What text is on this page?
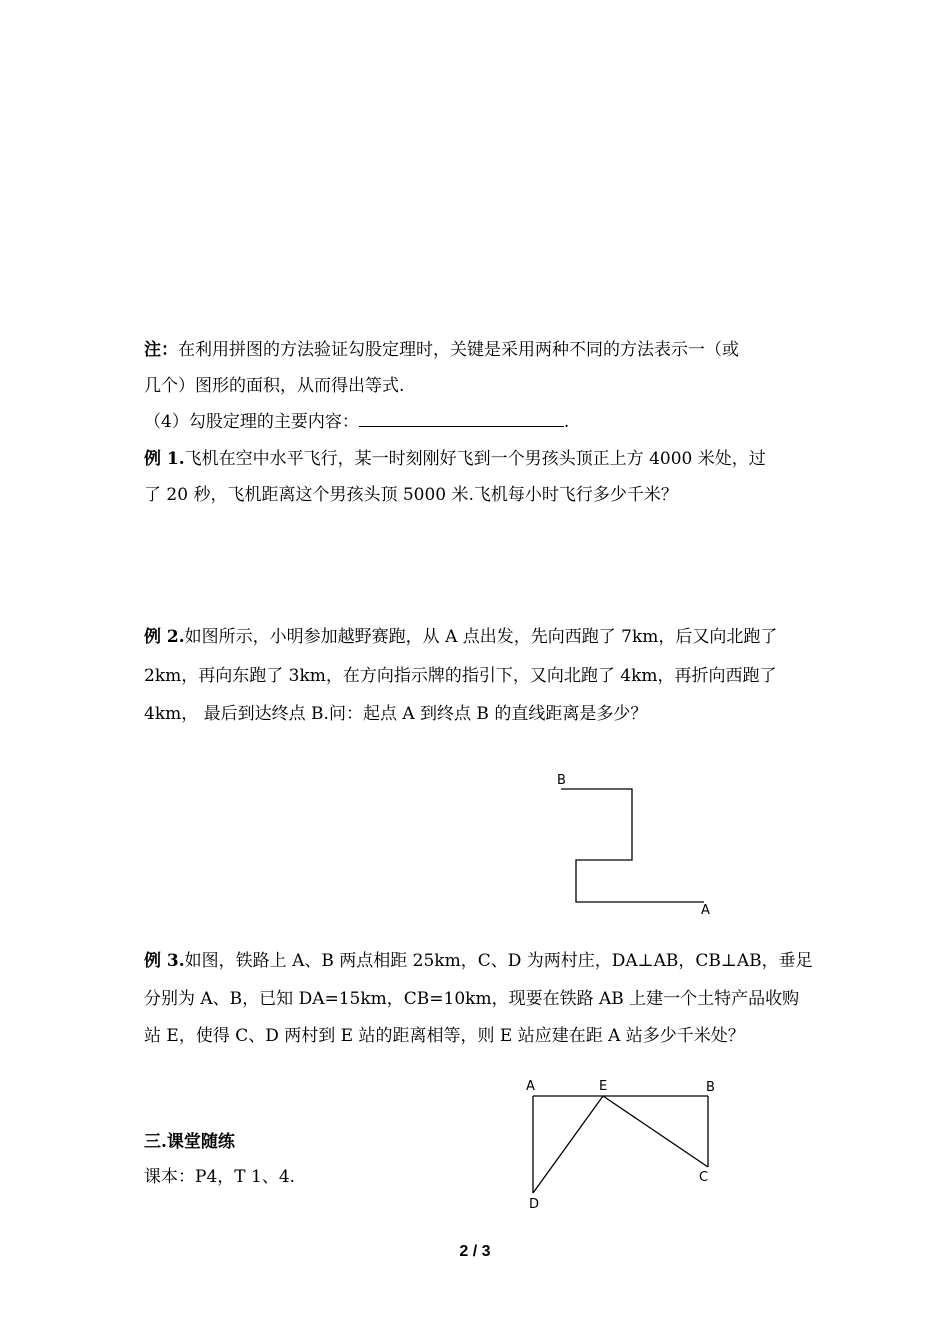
注：在利用拼图的方法验证勾股定理时，关键是采用两种不同的方法表示一（或
几个）图形的面积，从而得出等式.
（4）勾股定理的主要内容：	.
例 1.飞机在空中水平飞行，某一时刻刚好飞到一个男孩头顶正上方 4000 米处，过
了 20 秒，飞机距离这个男孩头顶 5000 米.飞机每小时飞行多少千米？
例 2.如图所示，小明参加越野赛跑，从 A 点出发，先向西跑了 7km，后又向北跑了
2km，再向东跑了 3km，在方向指示牌的指引下，又向北跑了 4km，再折向西跑了
4km， 最后到达终点 B.问：起点 A 到终点 B 的直线距离是多少？
B
A
例 3.如图，铁路上 A、B 两点相距 25km，C、D 为两村庄，DA⊥AB，CB⊥AB，垂足
分别为 A、B，已知 DA=15km，CB=10km，现要在铁路 AB 上建一个土特产品收购
站 E，使得 C、D 两村到 E 站的距离相等，则 E 站应建在距 A 站多少千米处？
A	E	B
C
D
三.课堂随练
课本：P4，T 1、4.
2 / 3
